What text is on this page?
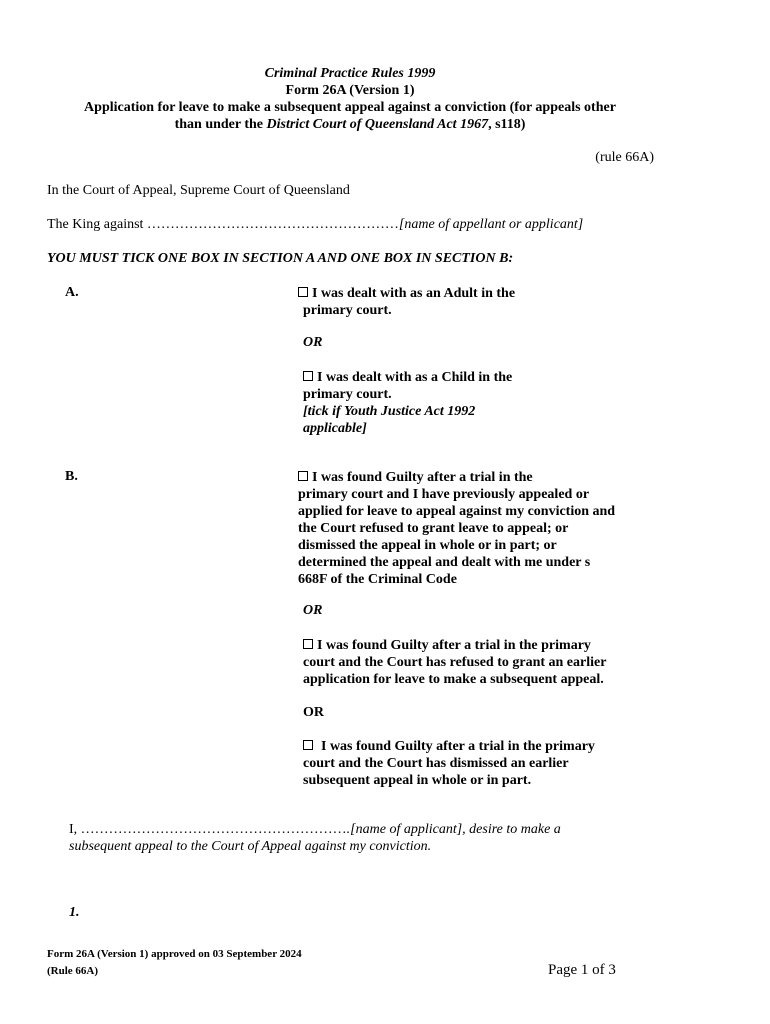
Criminal Practice Rules 1999
Form 26A (Version 1)
Application for leave to make a subsequent appeal against a conviction (for appeals other
than under the District Court of Queensland Act 1967, s118)
(rule 66A)
In the Court of Appeal, Supreme Court of Queensland
The King against ………………………………………………[name of appellant or applicant]
YOU MUST TICK ONE BOX IN SECTION A AND ONE BOX IN SECTION B:
A.	I was dealt with as an Adult in the
primary court.
OR
I was dealt with as a Child in the
primary court.
[tick if Youth Justice Act 1992
applicable]
B.	I was found Guilty after a trial in the
primary court and I have previously appealed or
applied for leave to appeal against my conviction and
the Court refused to grant leave to appeal; or
dismissed the appeal in whole or in part; or
determined the appeal and dealt with me under s
668F of the Criminal Code
OR
I was found Guilty after a trial in the primary
court and the Court has refused to grant an earlier
application for leave to make a subsequent appeal.
OR
I was found Guilty after a trial in the primary
court and the Court has dismissed an earlier
subsequent appeal in whole or in part.
I, ………………………………………………….[name of applicant], desire to make a
subsequent appeal to the Court of Appeal against my conviction.
1.
Form 26A (Version 1) approved on 03 September 2024
(Rule 66A)	Page 1 of 3
